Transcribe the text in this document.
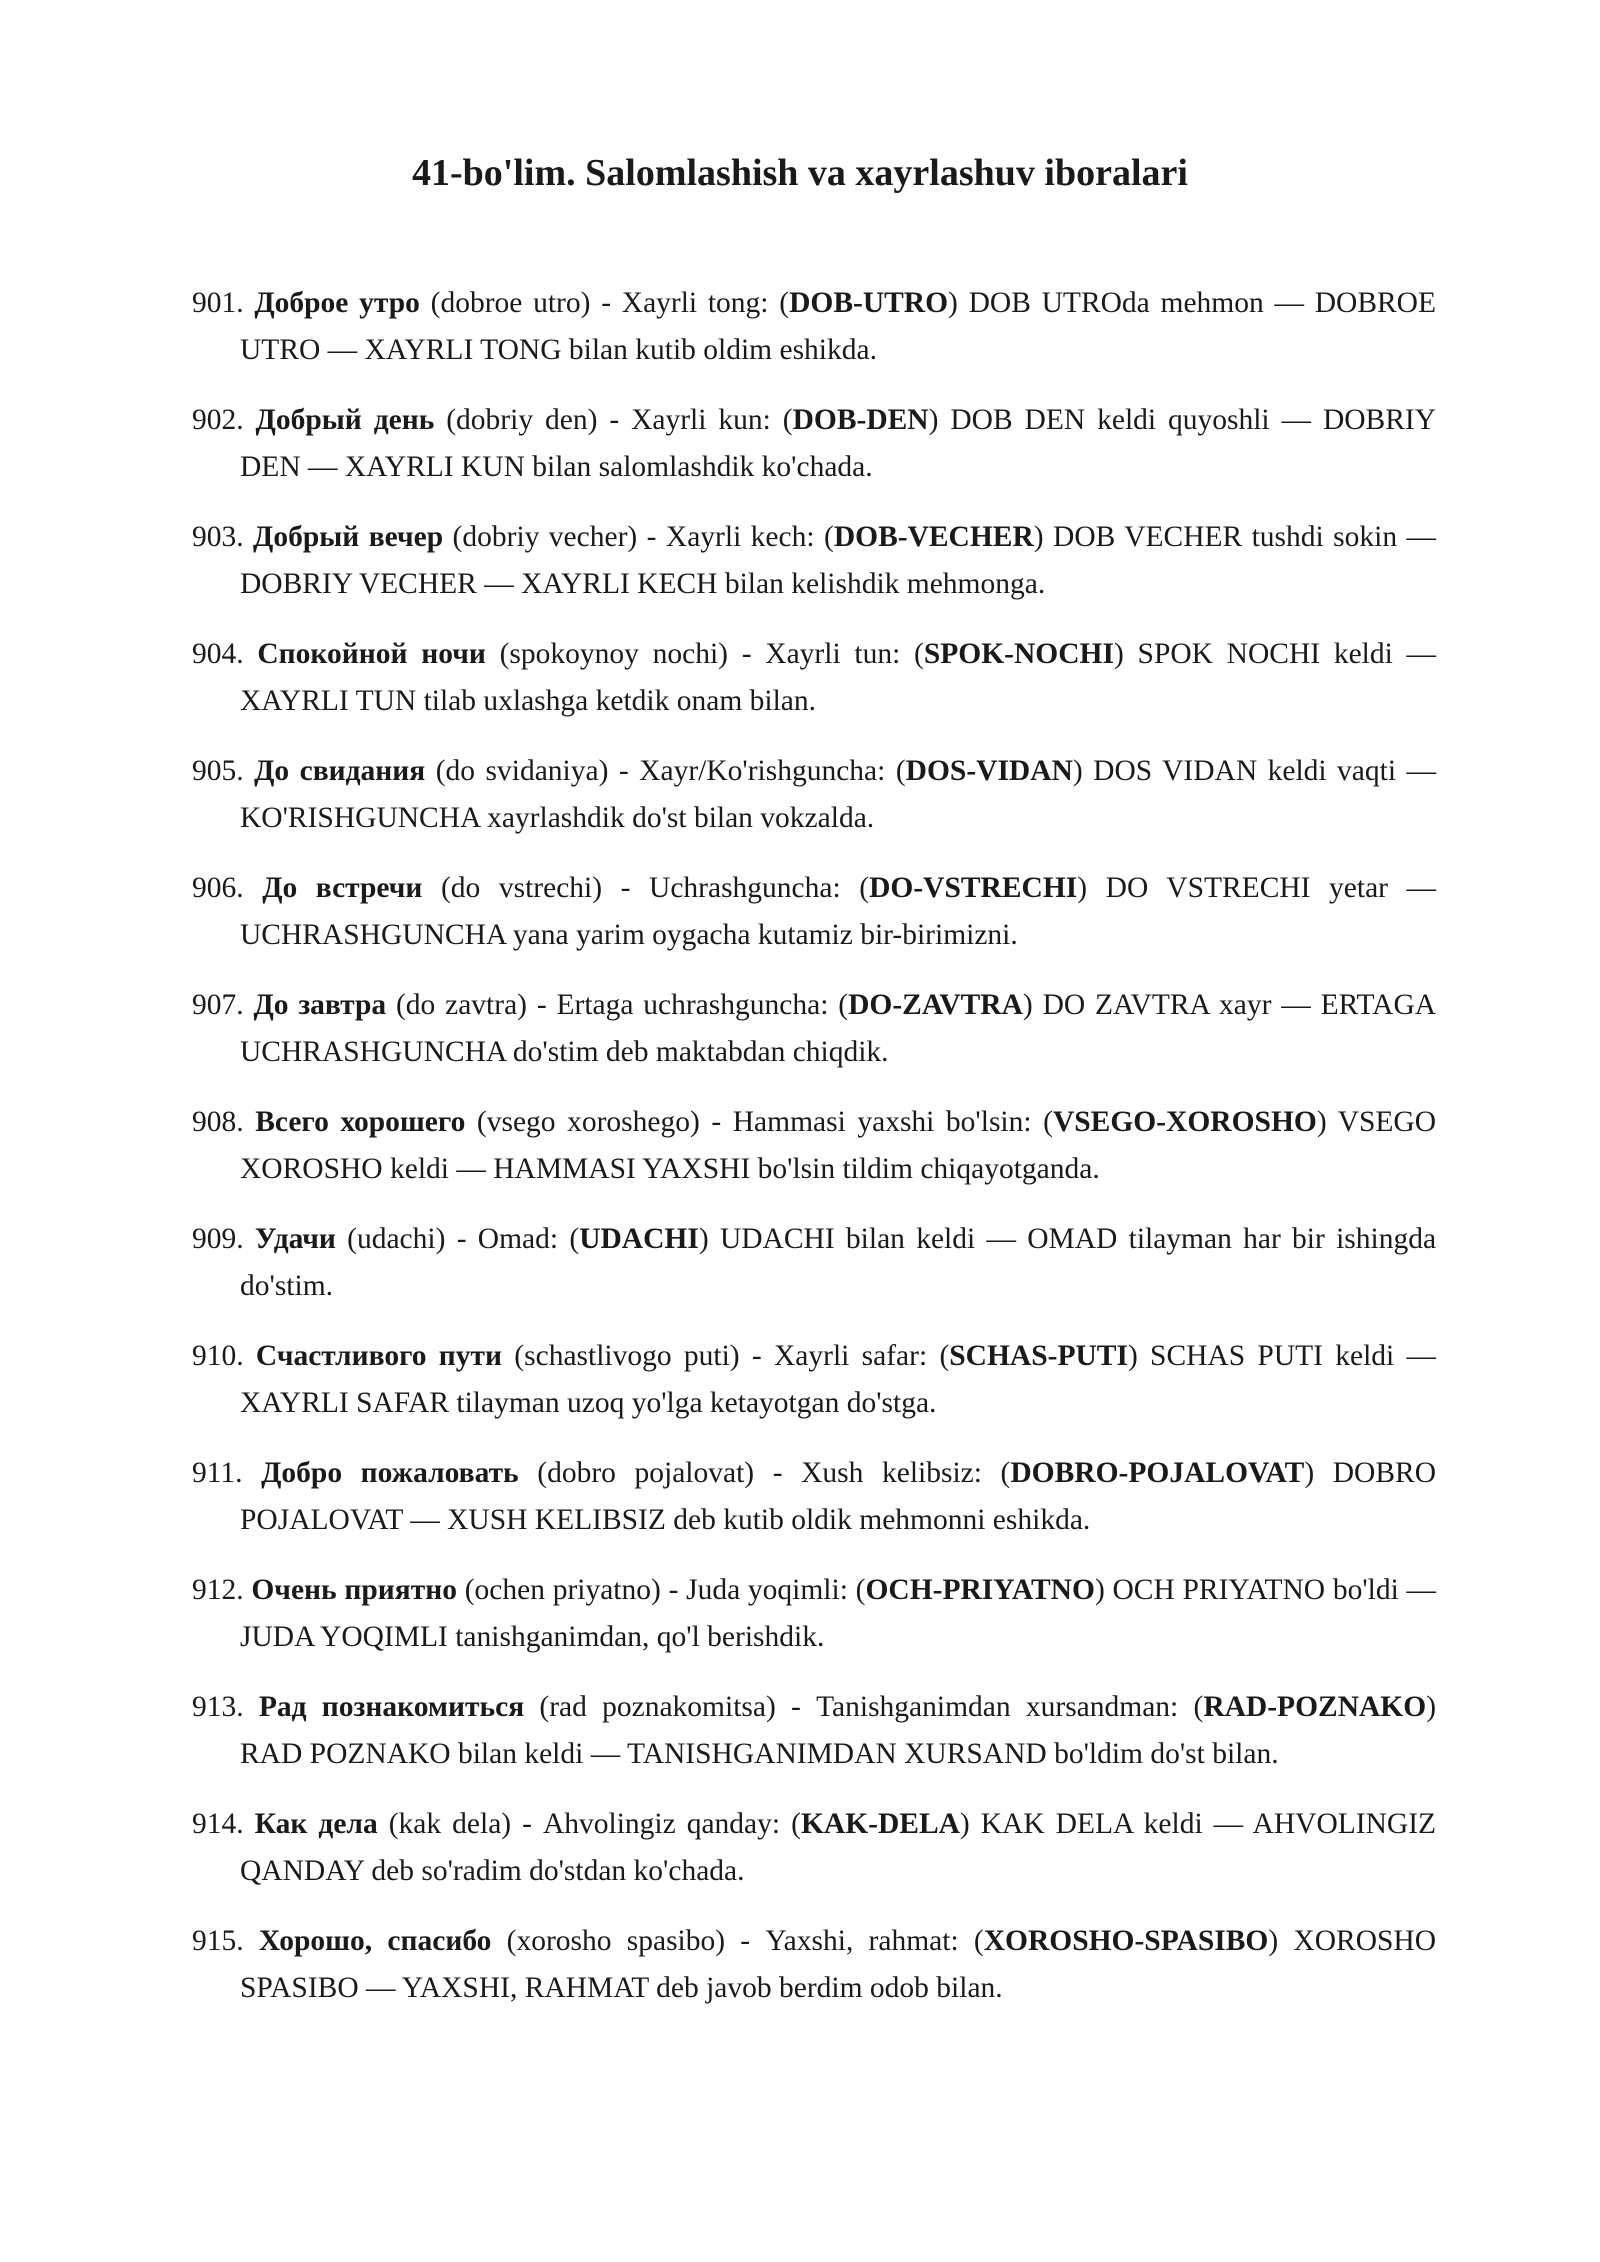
41-bo'lim. Salomlashish va xayrlashuv iboralari
901. Доброе утро (dobroe utro) - Xayrli tong: (DOB-UTRO) DOB UTROda mehmon — DOBROE UTRO — XAYRLI TONG bilan kutib oldim eshikda.
902. Добрый день (dobriy den) - Xayrli kun: (DOB-DEN) DOB DEN keldi quyoshli — DOBRIY DEN — XAYRLI KUN bilan salomlashdik ko'chada.
903. Добрый вечер (dobriy vecher) - Xayrli kech: (DOB-VECHER) DOB VECHER tushdi sokin — DOBRIY VECHER — XAYRLI KECH bilan kelishdik mehmonga.
904. Спокойной ночи (spokoynoy nochi) - Xayrli tun: (SPOK-NOCHI) SPOK NOCHI keldi — XAYRLI TUN tilab uxlashga ketdik onam bilan.
905. До свидания (do svidaniya) - Xayr/Ko'rishguncha: (DOS-VIDAN) DOS VIDAN keldi vaqti — KO'RISHGUNCHA xayrlashdik do'st bilan vokzalda.
906. До встречи (do vstrechi) - Uchrashguncha: (DO-VSTRECHI) DO VSTRECHI yetar — UCHRASHGUNCHA yana yarim oygacha kutamiz bir-birimizni.
907. До завтра (do zavtra) - Ertaga uchrashguncha: (DO-ZAVTRA) DO ZAVTRA xayr — ERTAGA UCHRASHGUNCHA do'stim deb maktabdan chiqdik.
908. Всего хорошего (vsego xoroshego) - Hammasi yaxshi bo'lsin: (VSEGO-XOROSHO) VSEGO XOROSHO keldi — HAMMASI YAXSHI bo'lsin tildim chiqayotganda.
909. Удачи (udachi) - Omad: (UDACHI) UDACHI bilan keldi — OMAD tilayman har bir ishingda do'stim.
910. Счастливого пути (schastlivogo puti) - Xayrli safar: (SCHAS-PUTI) SCHAS PUTI keldi — XAYRLI SAFAR tilayman uzoq yo'lga ketayotgan do'stga.
911. Добро пожаловать (dobro pojalovat) - Xush kelibsiz: (DOBRO-POJALOVAT) DOBRO POJALOVAT — XUSH KELIBSIZ deb kutib oldik mehmonni eshikda.
912. Очень приятно (ochen priyatno) - Juda yoqimli: (OCH-PRIYATNO) OCH PRIYATNO bo'ldi — JUDA YOQIMLI tanishganimdan, qo'l berishdik.
913. Рад познакомиться (rad poznakomitsa) - Tanishganimdan xursandman: (RAD-POZNAKO) RAD POZNAKO bilan keldi — TANISHGANIMDAN XURSAND bo'ldim do'st bilan.
914. Как дела (kak dela) - Ahvolingiz qanday: (KAK-DELA) KAK DELA keldi — AHVOLINGIZ QANDAY deb so'radim do'stdan ko'chada.
915. Хорошо, спасибо (xorosho spasibo) - Yaxshi, rahmat: (XOROSHO-SPASIBO) XOROSHO SPASIBO — YAXSHI, RAHMAT deb javob berdim odob bilan.
